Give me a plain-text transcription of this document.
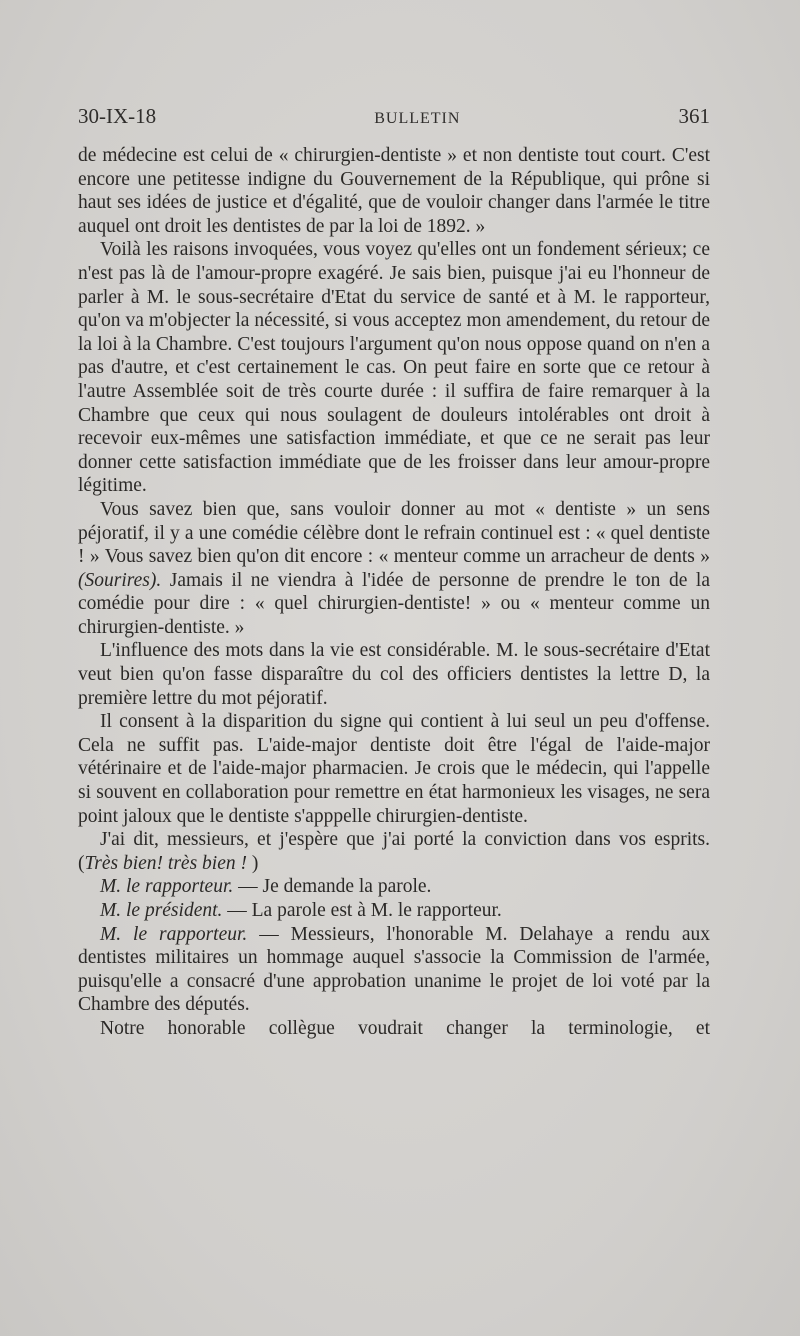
30-IX-18	BULLETIN	361

de médecine est celui de « chirurgien-dentiste » et non dentiste tout court. C'est encore une petitesse indigne du Gouvernement de la République, qui prône si haut ses idées de justice et d'égalité, que de vouloir changer dans l'armée le titre auquel ont droit les dentistes de par la loi de 1892. »

Voilà les raisons invoquées, vous voyez qu'elles ont un fondement sérieux; ce n'est pas là de l'amour-propre exagéré. Je sais bien, puisque j'ai eu l'honneur de parler à M. le sous-secrétaire d'Etat du service de santé et à M. le rapporteur, qu'on va m'objecter la nécessité, si vous acceptez mon amendement, du retour de la loi à la Chambre. C'est toujours l'argument qu'on nous oppose quand on n'en a pas d'autre, et c'est certainement le cas. On peut faire en sorte que ce retour à l'autre Assemblée soit de très courte durée : il suffira de faire remarquer à la Chambre que ceux qui nous soulagent de douleurs intolérables ont droit à recevoir eux-mêmes une satisfaction immédiate, et que ce ne serait pas leur donner cette satisfaction immédiate que de les froisser dans leur amour-propre légitime.

Vous savez bien que, sans vouloir donner au mot « dentiste » un sens péjoratif, il y a une comédie célèbre dont le refrain continuel est : « quel dentiste ! » Vous savez bien qu'on dit encore : « menteur comme un arracheur de dents » (Sourires). Jamais il ne viendra à l'idée de personne de prendre le ton de la comédie pour dire : « quel chirurgien-dentiste! » ou « menteur comme un chirurgien-dentiste. »

L'influence des mots dans la vie est considérable. M. le sous-secrétaire d'Etat veut bien qu'on fasse disparaître du col des officiers dentistes la lettre D, la première lettre du mot péjoratif.

Il consent à la disparition du signe qui contient à lui seul un peu d'offense. Cela ne suffit pas. L'aide-major dentiste doit être l'égal de l'aide-major vétérinaire et de l'aide-major pharmacien. Je crois que le médecin, qui l'appelle si souvent en collaboration pour remettre en état harmonieux les visages, ne sera point jaloux que le dentiste s'apppelle chirurgien-dentiste.

J'ai dit, messieurs, et j'espère que j'ai porté la conviction dans vos esprits. (Très bien! très bien ! )

M. le rapporteur. — Je demande la parole.

M. le président. — La parole est à M. le rapporteur.

M. le rapporteur. — Messieurs, l'honorable M. Delahaye a rendu aux dentistes militaires un hommage auquel s'associe la Commission de l'armée, puisqu'elle a consacré d'une approbation unanime le projet de loi voté par la Chambre des députés.

Notre honorable collègue voudrait changer la terminologie, et
